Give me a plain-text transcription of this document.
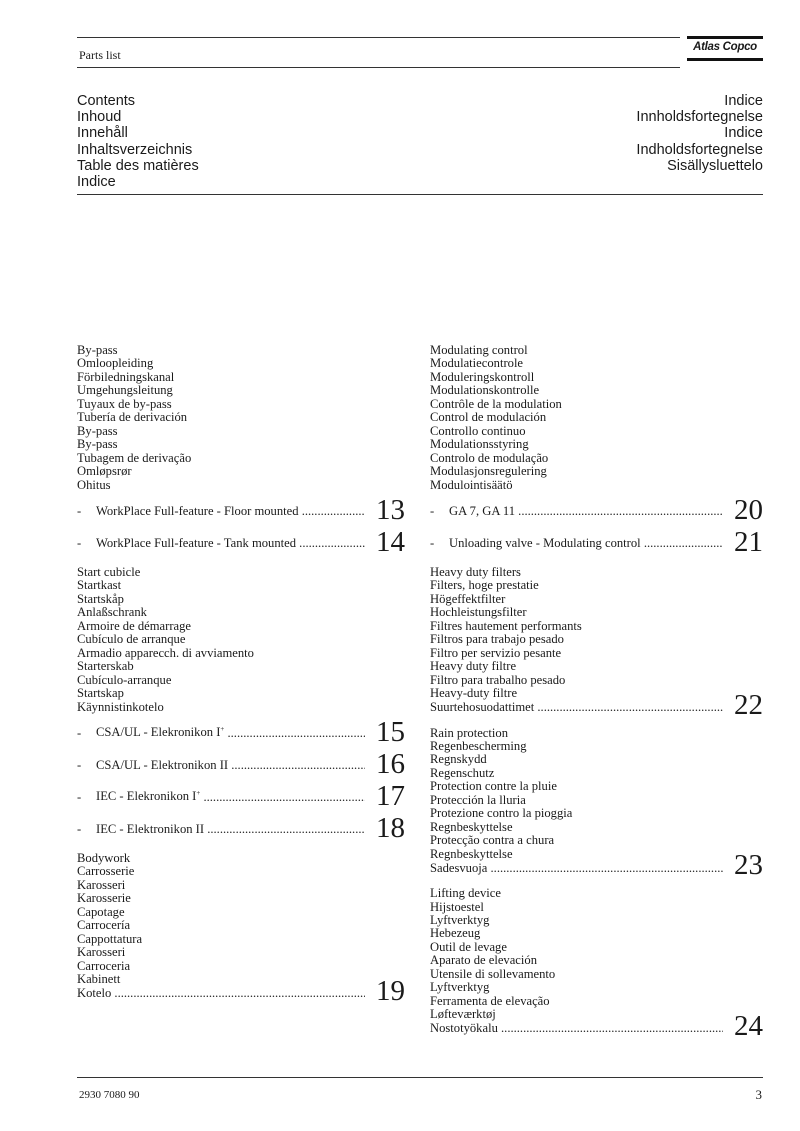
Parts list
Atlas Copco
Contents
Inhoud
Innehåll
Inhaltsverzeichnis
Table des matières
Indice
Indice
Innholdsfortegnelse
Indice
Indholdsfortegnelse
Sisällysluettelo
By-pass
Omloopleiding
Förbiledningskanal
Umgehungsleitung
Tuyaux de by-pass
Tubería de derivación
By-pass
By-pass
Tubagem de derivação
Omløpsrør
Ohitus
- WorkPlace Full-feature - Floor mounted .....	13
- WorkPlace Full-feature - Tank mounted .....	14
Start cubicle
Startkast
Startskåp
Anlaßschrank
Armoire de démarrage
Cubículo de arranque
Armadio apparecch. di avviamento
Starterskab
Cubículo-arranque
Startskap
Käynnistinkotelo
- CSA/UL - Elekronikon I+ .....	15
- CSA/UL - Elektronikon II .....	16
- IEC - Elekronikon I+ .....	17
- IEC - Elektronikon II .....	18
Bodywork
Carrosserie
Karosseri
Karosserie
Capotage
Carrocería
Cappottatura
Karosseri
Carroceria
Kabinett
Kotelo .....	19
Modulating control
Modulatiecontrole
Moduleringskontroll
Modulationskontrolle
Contrôle de la modulation
Control de modulación
Controllo continuo
Modulationsstyring
Controlo de modulação
Modulasjonsregulering
Modulointisäätö
- GA 7, GA 11 .....	20
- Unloading valve - Modulating control .....	21
Heavy duty filters
Filters, hoge prestatie
Högeffektfilter
Hochleistungsfilter
Filtres hautement performants
Filtros para trabajo pesado
Filtro per servizio pesante
Heavy duty filtre
Filtro para trabalho pesado
Heavy-duty filtre
Suurtehosuodattimet .....	22
Rain protection
Regenbescherming
Regnskydd
Regenschutz
Protection contre la pluie
Protección la lluria
Protezione contro la pioggia
Regnbeskyttelse
Protecção contra a chura
Regnbeskyttelse
Sadesvuoja .....	23
Lifting device
Hijstoestel
Lyftverktyg
Hebezeug
Outil de levage
Aparato de elevación
Utensile di sollevamento
Lyftverktyg
Ferramenta de elevação
Løfteværktøj
Nostotyökalu .....	24
2930 7080 90	3
